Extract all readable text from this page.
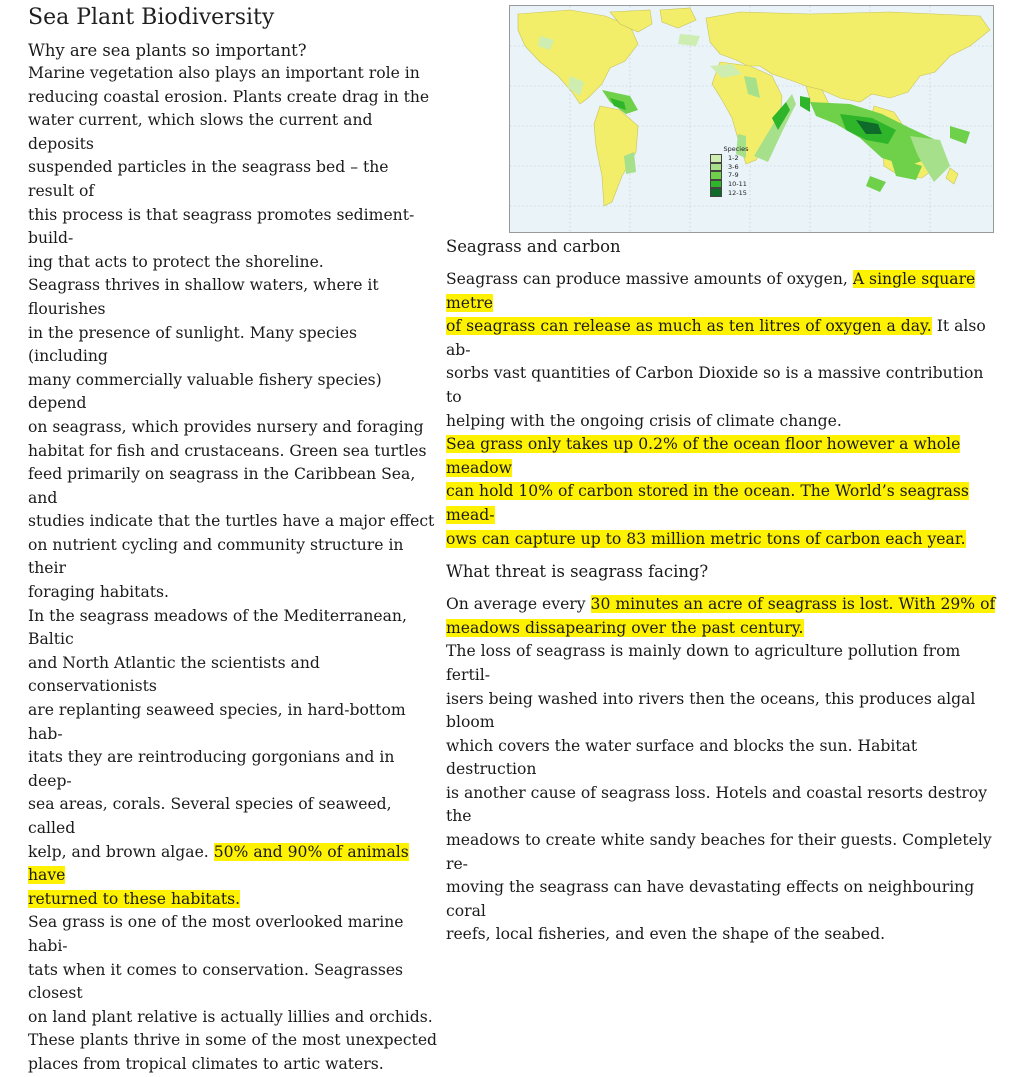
Sea Plant Biodiversity

Why are sea plants so important?

Marine vegetation also plays an important role in
reducing coastal erosion. Plants create drag in the
water current, which slows the current and deposits
suspended particles in the seagrass bed – the result of
this process is that seagrass promotes sediment-build-
ing that acts to protect the shoreline.

Seagrass thrives in shallow waters, where it flourishes
in the presence of sunlight. Many species (including
many commercially valuable fishery species) depend
on seagrass, which provides nursery and foraging
habitat for fish and crustaceans. Green sea turtles
feed primarily on seagrass in the Caribbean Sea, and
studies indicate that the turtles have a major effect
on nutrient cycling and community structure in their
foraging habitats.

In the seagrass meadows of the Mediterranean, Baltic
and North Atlantic the scientists and conservationists
are replanting seaweed species, in hard-bottom hab-
itats they are reintroducing gorgonians and in deep-
sea areas, corals. Several species of seaweed, called
kelp, and brown algae. 50% and 90% of animals have
returned to these habitats.

Sea grass is one of the most overlooked marine habi-
tats when it comes to conservation. Seagrasses closest
on land plant relative is actually lillies and orchids.
These plants thrive in some of the most unexpected
places from tropical climates to artic waters.

Species
1-2
3-6
7-9
10-11
12-15

Seagrass and carbon

Seagrass can produce massive amounts of oxygen, A single square metre
of seagrass can release as much as ten litres of oxygen a day. It also ab-
sorbs vast quantities of Carbon Dioxide so is a massive contribution to
helping with the ongoing crisis of climate change.

Sea grass only takes up 0.2% of the ocean floor however a whole meadow
can hold 10% of carbon stored in the ocean. The World’s seagrass mead-
ows can capture up to 83 million metric tons of carbon each year.

What threat is seagrass facing?

On average every 30 minutes an acre of seagrass is lost. With 29% of
meadows dissapearing over the past century.

The loss of seagrass is mainly down to agriculture pollution from fertil-
isers being washed into rivers then the oceans, this produces algal bloom
which covers the water surface and blocks the sun. Habitat destruction
is another cause of seagrass loss. Hotels and coastal resorts destroy the
meadows to create white sandy beaches for their guests. Completely re-
moving the seagrass can have devastating effects on neighbouring coral
reefs, local fisheries, and even the shape of the seabed.
